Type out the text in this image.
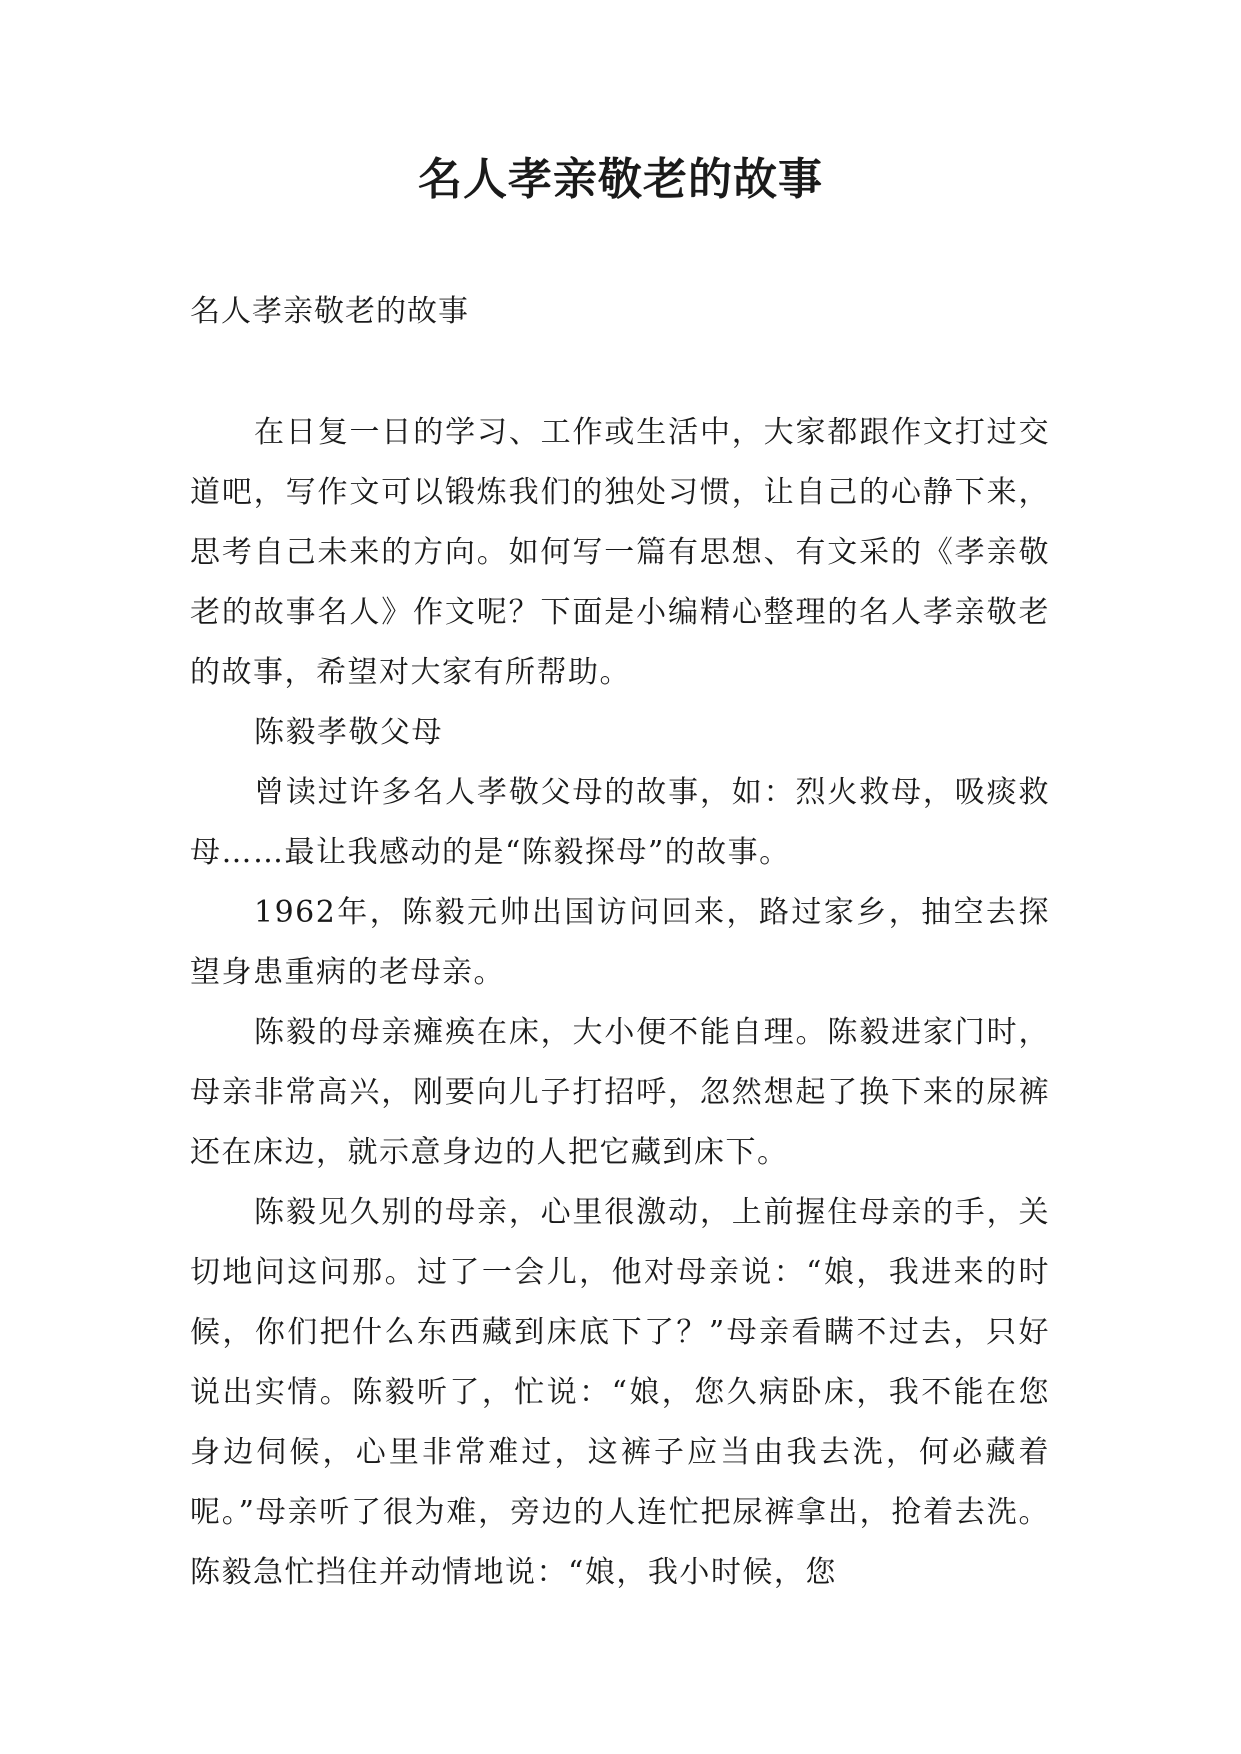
名人孝亲敬老的故事

名人孝亲敬老的故事

在日复一日的学习、工作或生活中，大家都跟作文打过交道吧，写作文可以锻炼我们的独处习惯，让自己的心静下来，思考自己未来的方向。如何写一篇有思想、有文采的《孝亲敬老的故事名人》作文呢？下面是小编精心整理的名人孝亲敬老的故事，希望对大家有所帮助。

陈毅孝敬父母

曾读过许多名人孝敬父母的故事，如：烈火救母，吸痰救母……最让我感动的是“陈毅探母”的故事。

1962年，陈毅元帅出国访问回来，路过家乡，抽空去探望身患重病的老母亲。

陈毅的母亲瘫痪在床，大小便不能自理。陈毅进家门时，母亲非常高兴，刚要向儿子打招呼，忽然想起了换下来的尿裤还在床边，就示意身边的人把它藏到床下。

陈毅见久别的母亲，心里很激动，上前握住母亲的手，关切地问这问那。过了一会儿，他对母亲说：“娘，我进来的时候，你们把什么东西藏到床底下了？”母亲看瞒不过去，只好说出实情。陈毅听了，忙说：“娘，您久病卧床，我不能在您身边伺候，心里非常难过，这裤子应当由我去洗，何必藏着呢。”母亲听了很为难，旁边的人连忙把尿裤拿出，抢着去洗。陈毅急忙挡住并动情地说：“娘，我小时候，您
